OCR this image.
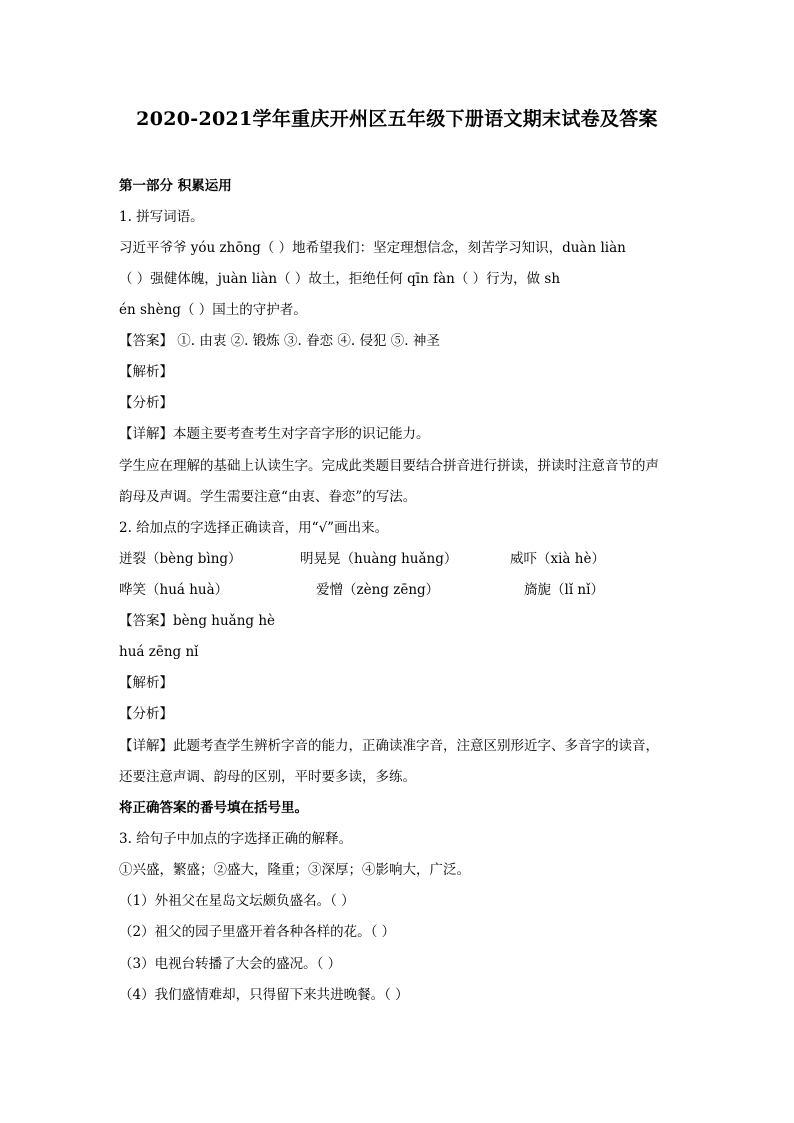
2020-2021学年重庆开州区五年级下册语文期末试卷及答案
第一部分 积累运用
1. 拼写词语。
习近平爷爷 yóu zhōng（ ）地希望我们：坚定理想信念，刻苦学习知识，duàn liàn
（ ）强健体魄，juàn liàn（ ）故土，拒绝任何 qīn fàn（ ）行为，做 sh
én shèng（ ）国土的守护者。
【答案】 ①. 由衷 ②. 锻炼 ③. 眷恋 ④. 侵犯 ⑤. 神圣
【解析】
【分析】
【详解】本题主要考查考生对字音字形的识记能力。
学生应在理解的基础上认读生字。完成此类题目要结合拼音进行拼读，拼读时注意音节的声
韵母及声调。学生需要注意“由衷、眷恋”的写法。
2. 给加点的字选择正确读音，用“√”画出来。
迸裂（bèng bìng）	明晃晃（huàng huǎng）	威吓（xià hè）
哗笑（huá huà）	爱憎（zèng zēng）	旖旎（lǐ nǐ）
【答案】bèng huǎng hè
huá zēng nǐ
【解析】
【分析】
【详解】此题考查学生辨析字音的能力，正确读准字音，注意区别形近字、多音字的读音，
还要注意声调、韵母的区别，平时要多读，多练。
将正确答案的番号填在括号里。
3. 给句子中加点的字选择正确的解释。
①兴盛，繁盛；②盛大，隆重；③深厚；④影响大，广泛。
（1）外祖父在星岛文坛颇负盛名。（ ）
（2）祖父的园子里盛开着各种各样的花。（ ）
（3）电视台转播了大会的盛况。（ ）
（4）我们盛情难却，只得留下来共进晚餐。（ ）
